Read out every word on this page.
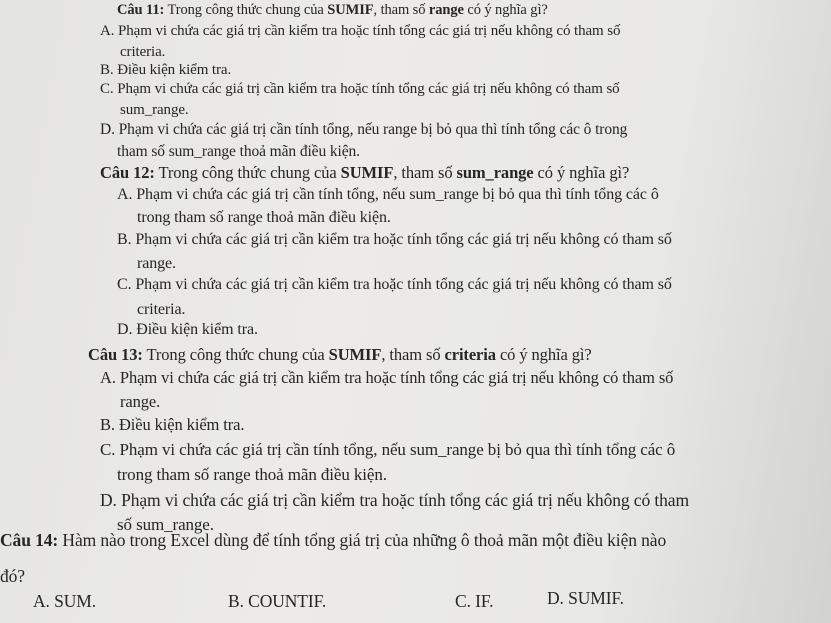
Câu 11: Trong công thức chung của SUMIF, tham số range có ý nghĩa gì?
A. Phạm vi chứa các giá trị cần kiểm tra hoặc tính tổng các giá trị nếu không có tham số
criteria.
B. Điều kiện kiểm tra.
C. Phạm vi chứa các giá trị cần kiểm tra hoặc tính tổng các giá trị nếu không có tham số
sum_range.
D. Phạm vi chứa các giá trị cần tính tổng, nếu range bị bỏ qua thì tính tổng các ô trong
tham số sum_range thoả mãn điều kiện.
Câu 12: Trong công thức chung của SUMIF, tham số sum_range có ý nghĩa gì?
A. Phạm vi chứa các giá trị cần tính tổng, nếu sum_range bị bỏ qua thì tính tổng các ô
trong tham số range thoả mãn điều kiện.
B. Phạm vi chứa các giá trị cần kiểm tra hoặc tính tổng các giá trị nếu không có tham số
range.
C. Phạm vi chứa các giá trị cần kiểm tra hoặc tính tổng các giá trị nếu không có tham số
criteria.
D. Điều kiện kiểm tra.
Câu 13: Trong công thức chung của SUMIF, tham số criteria có ý nghĩa gì?
A. Phạm vi chứa các giá trị cần kiểm tra hoặc tính tổng các giá trị nếu không có tham số
range.
B. Điều kiện kiểm tra.
C. Phạm vi chứa các giá trị cần tính tổng, nếu sum_range bị bỏ qua thì tính tổng các ô
trong tham số range thoả mãn điều kiện.
D. Phạm vi chứa các giá trị cần kiểm tra hoặc tính tổng các giá trị nếu không có tham
số sum_range.
Câu 14: Hàm nào trong Excel dùng để tính tổng giá trị của những ô thoả mãn một điều kiện nào
đó?
A. SUM.	B. COUNTIF.	C. IF.	D. SUMIF.
